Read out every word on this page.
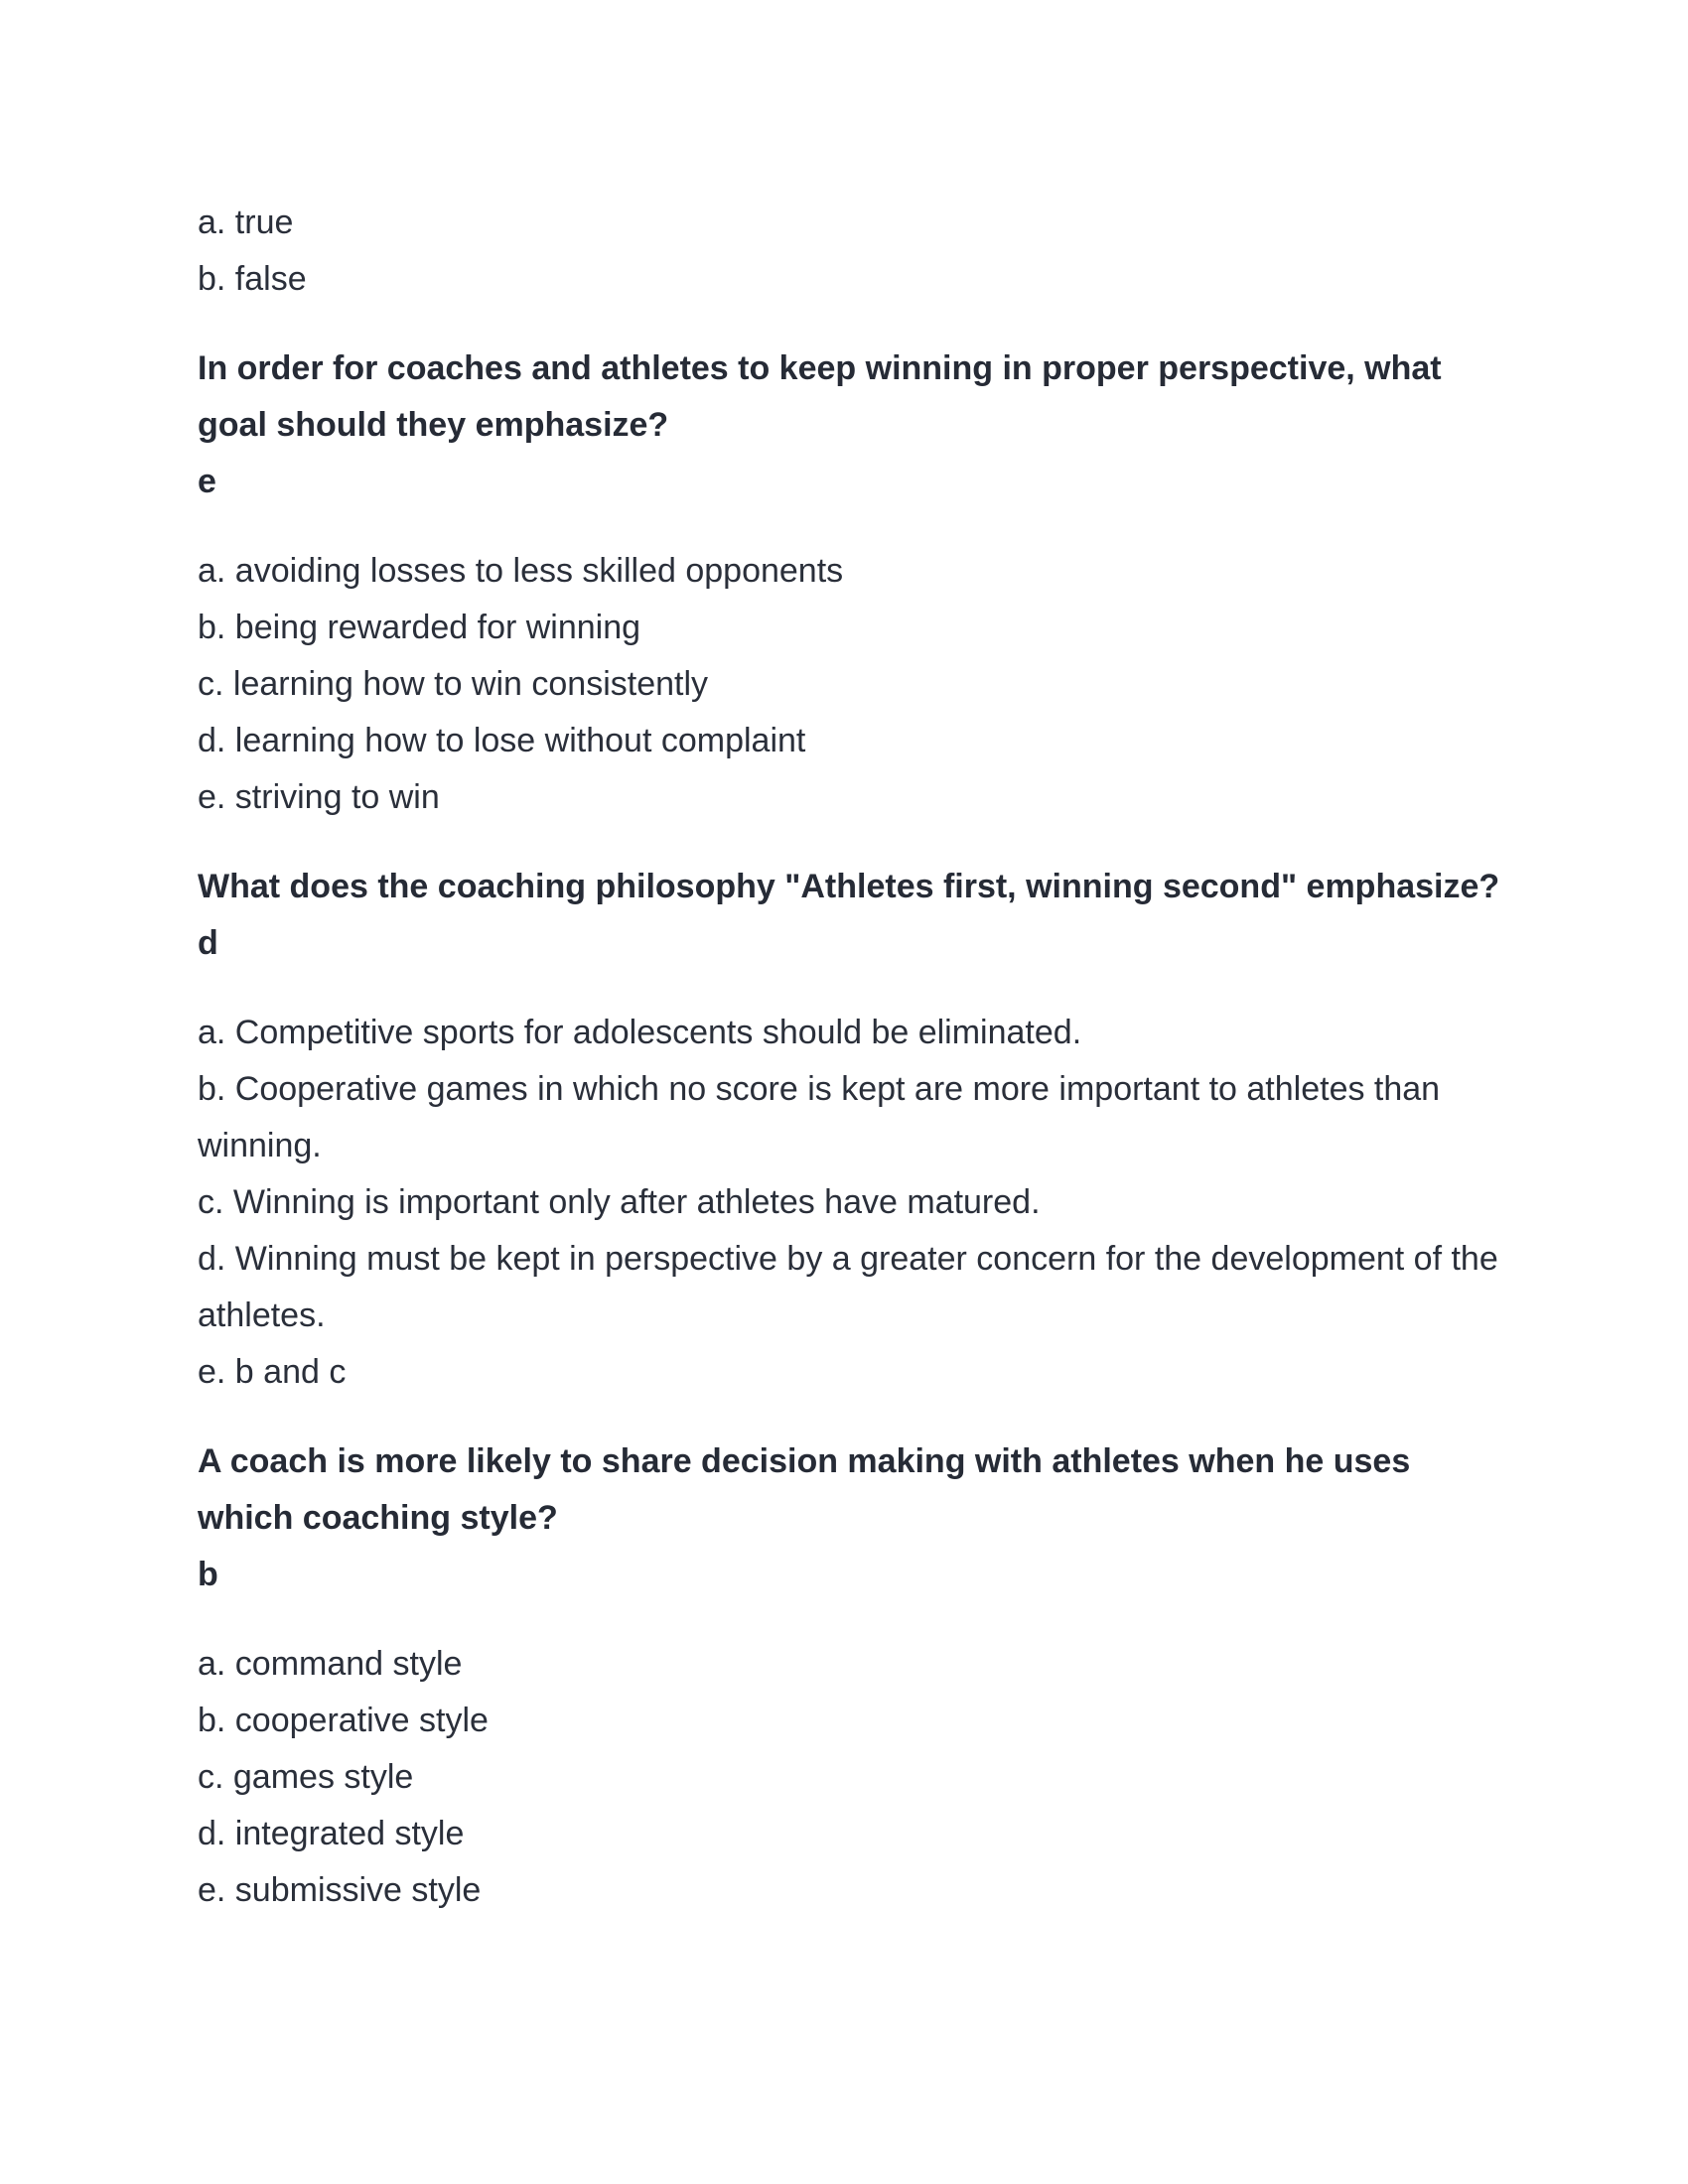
a. true

b. false

In order for coaches and athletes to keep winning in proper perspective, what goal should they emphasize?

e

a. avoiding losses to less skilled opponents

b. being rewarded for winning

c. learning how to win consistently

d. learning how to lose without complaint

e. striving to win

What does the coaching philosophy "Athletes first, winning second" emphasize?

d

a. Competitive sports for adolescents should be eliminated.

b. Cooperative games in which no score is kept are more important to athletes than winning.

c. Winning is important only after athletes have matured.

d. Winning must be kept in perspective by a greater concern for the development of the athletes.

e. b and c

A coach is more likely to share decision making with athletes when he uses which coaching style?

b

a. command style

b. cooperative style

c. games style

d. integrated style

e. submissive style
